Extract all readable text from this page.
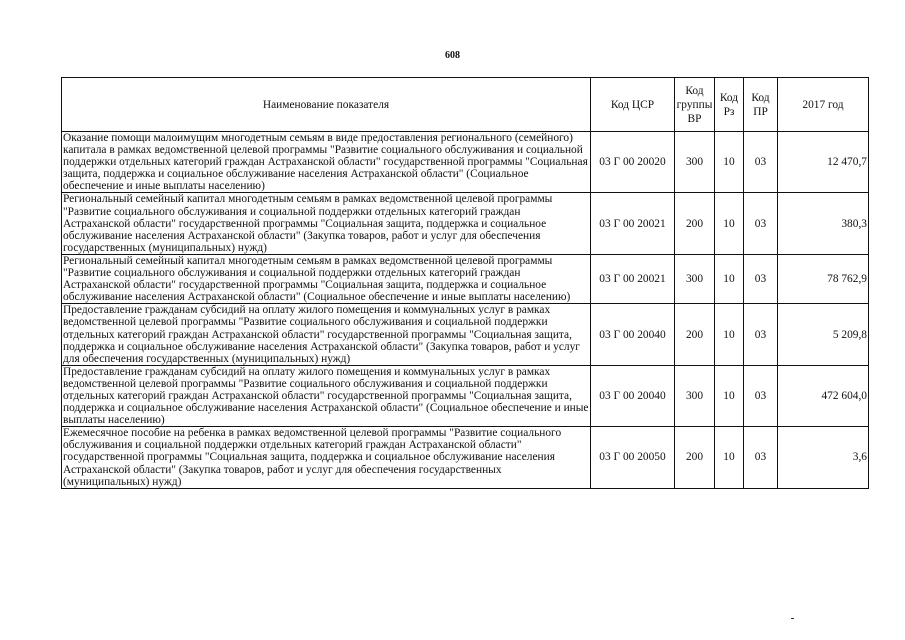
608
Наименование показателя	Код ЦСР	Код группы ВР	Код Рз	Код ПР	2017 год
Оказание помощи малоимущим многодетным семьям в виде предоставления регионального (семейного) капитала в рамках ведомственной целевой программы "Развитие социального обслуживания и социальной поддержки отдельных категорий граждан Астраханской области" государственной программы "Социальная защита, поддержка и социальное обслуживание населения Астраханской области" (Социальное обеспечение и иные выплаты населению)	03 Г 00 20020	300	10	03	12 470,7
Региональный семейный капитал многодетным семьям в рамках ведомственной целевой программы "Развитие социального обслуживания и социальной поддержки отдельных категорий граждан Астраханской области" государственной программы "Социальная защита, поддержка и социальное обслуживание населения Астраханской области" (Закупка товаров, работ и услуг для обеспечения государственных (муниципальных) нужд)	03 Г 00 20021	200	10	03	380,3
Региональный семейный капитал многодетным семьям в рамках ведомственной целевой программы "Развитие социального обслуживания и социальной поддержки отдельных категорий граждан Астраханской области" государственной программы "Социальная защита, поддержка и социальное обслуживание населения Астраханской области" (Социальное обеспечение и иные выплаты населению)	03 Г 00 20021	300	10	03	78 762,9
Предоставление гражданам субсидий на оплату жилого помещения и коммунальных услуг в рамках ведомственной целевой программы "Развитие социального обслуживания и социальной поддержки отдельных категорий граждан Астраханской области" государственной программы "Социальная защита, поддержка и социальное обслуживание населения Астраханской области" (Закупка товаров, работ и услуг для обеспечения государственных (муниципальных) нужд)	03 Г 00 20040	200	10	03	5 209,8
Предоставление гражданам субсидий на оплату жилого помещения и коммунальных услуг в рамках ведомственной целевой программы "Развитие социального обслуживания и социальной поддержки отдельных категорий граждан Астраханской области" государственной программы "Социальная защита, поддержка и социальное обслуживание населения Астраханской области" (Социальное обеспечение и иные выплаты населению)	03 Г 00 20040	300	10	03	472 604,0
Ежемесячное пособие на ребенка в рамках ведомственной целевой программы "Развитие социального обслуживания и социальной поддержки отдельных категорий граждан Астраханской области" государственной программы "Социальная защита, поддержка и социальное обслуживание населения Астраханской области" (Закупка товаров, работ и услуг для обеспечения государственных (муниципальных) нужд)	03 Г 00 20050	200	10	03	3,6
